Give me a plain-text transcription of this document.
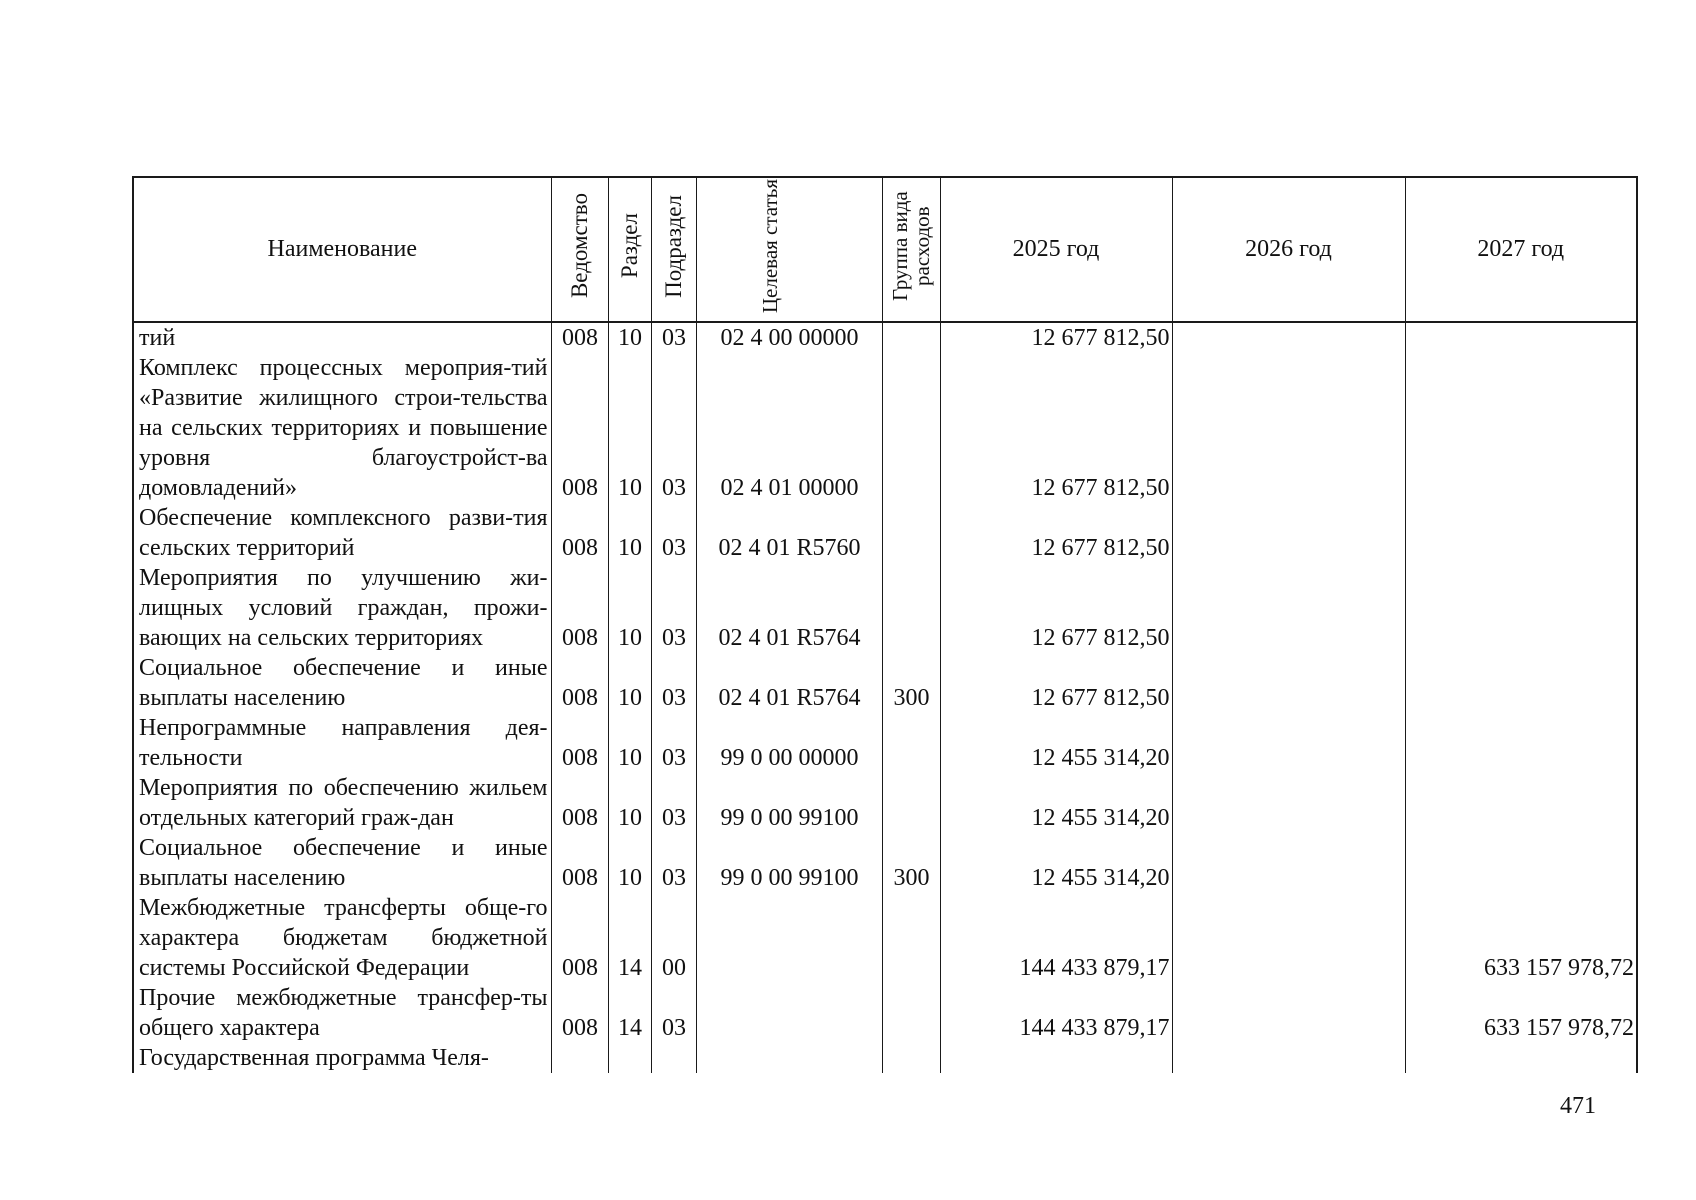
Наименование	Ведомство	Раздел	Подраздел	Целевая статья	Группа вида расходов	2025 год	2026 год	2027 год
тий	008	10	03	02 4 00 00000		12 677 812,50		
Комплекс процессных мероприя-тий «Развитие жилищного строи-тельства на сельских территориях и повышение уровня благоустройст-ва домовладений»	008	10	03	02 4 01 00000		12 677 812,50		
Обеспечение комплексного разви-тия сельских территорий	008	10	03	02 4 01 R5760		12 677 812,50		
Мероприятия по улучшению жи-лищных условий граждан, прожи-вающих на сельских территориях	008	10	03	02 4 01 R5764		12 677 812,50		
Социальное обеспечение и иные выплаты населению	008	10	03	02 4 01 R5764	300	12 677 812,50		
Непрограммные направления дея-тельности	008	10	03	99 0 00 00000		12 455 314,20		
Мероприятия по обеспечению жильем отдельных категорий граж-дан	008	10	03	99 0 00 99100		12 455 314,20		
Социальное обеспечение и иные выплаты населению	008	10	03	99 0 00 99100	300	12 455 314,20		
Межбюджетные трансферты обще-го характера бюджетам бюджетной системы Российской Федерации	008	14	00			144 433 879,17		633 157 978,72
Прочие межбюджетные трансфер-ты общего характера	008	14	03			144 433 879,17		633 157 978,72
Государственная программа Челя-								
471
